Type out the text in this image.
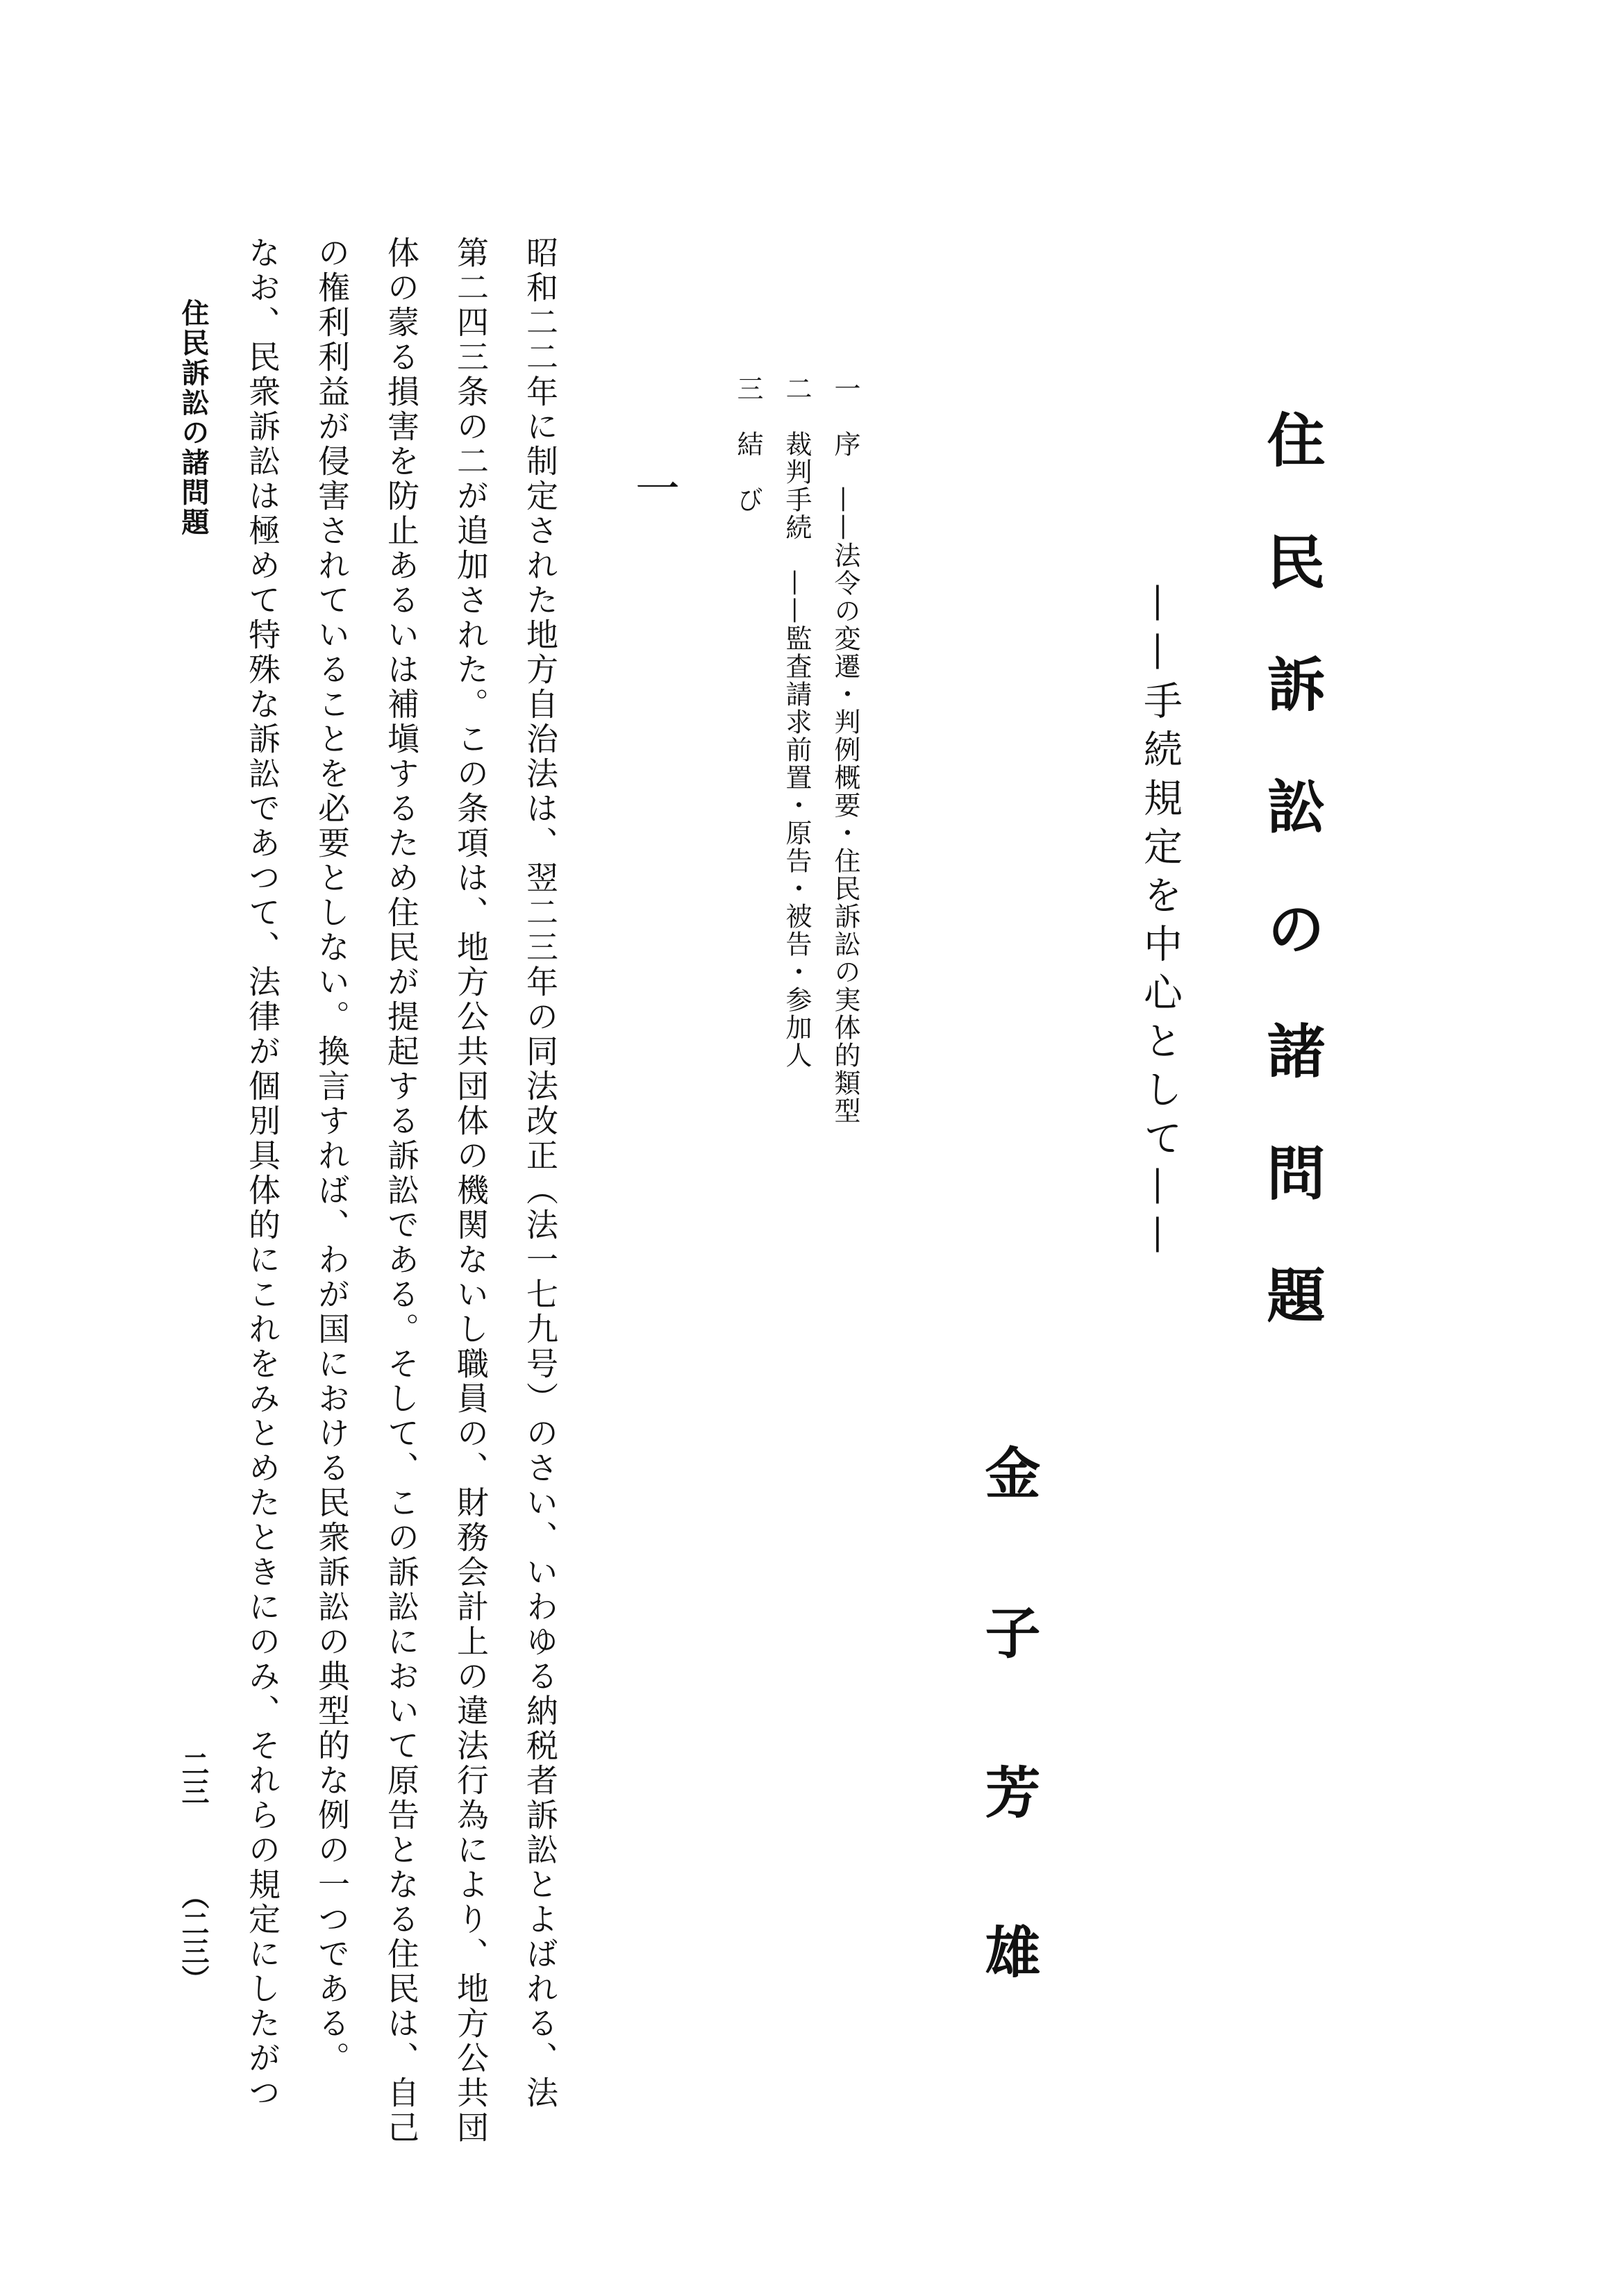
住民訴訟の諸問題
——手続規定を中心として——
金子芳雄
一　序　——法令の変遷・判例概要・住民訴訟の実体的類型
二　裁判手続　——監査請求前置・原告・被告・参加人
三　結　び
一
昭和二二年に制定された地方自治法は、翌二三年の同法改正（法一七九号）のさい、いわゆる納税者訴訟とよばれる、法
第二四三条の二が追加された。この条項は、地方公共団体の機関ないし職員の、財務会計上の違法行為により、地方公共団
体の蒙る損害を防止あるいは補塡するため住民が提起する訴訟である。そして、この訴訟において原告となる住民は、自己
の権利利益が侵害されていることを必要としない。換言すれば、わが国における民衆訴訟の典型的な例の一つである。
なお、民衆訴訟は極めて特殊な訴訟であつて、法律が個別具体的にこれをみとめたときにのみ、それらの規定にしたがつ
住民訴訟の諸問題
二三
（二三）
